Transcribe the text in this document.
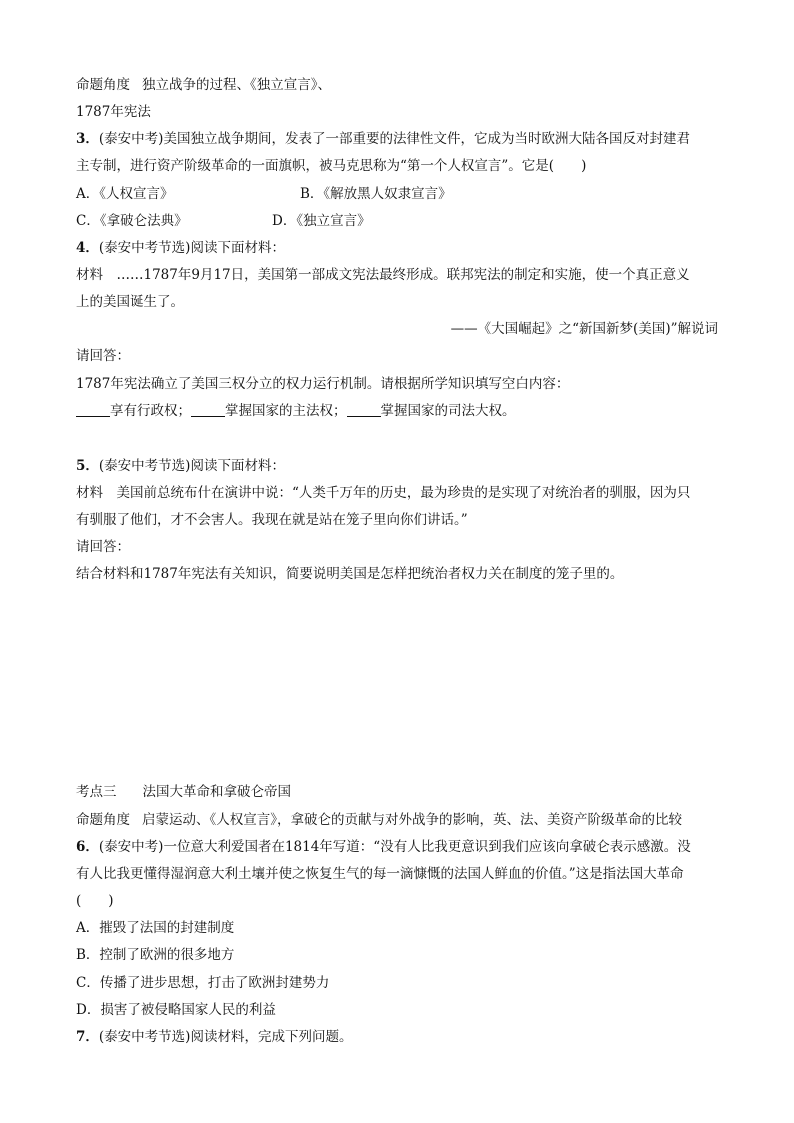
命题角度 独立战争的过程、《独立宣言》、
1787年宪法
3．(泰安中考)美国独立战争期间，发表了一部重要的法律性文件，它成为当时欧洲大陆各国反对封建君
主专制，进行资产阶级革命的一面旗帜，被马克思称为“第一个人权宣言”。它是(　　)
A．《人权宣言》	B．《解放黑人奴隶宣言》
C．《拿破仑法典》	D．《独立宣言》
4．(泰安中考节选)阅读下面材料：
材料　……1787年9月17日，美国第一部成文宪法最终形成。联邦宪法的制定和实施，使一个真正意义
上的美国诞生了。
——《大国崛起》之“新国新梦(美国)”解说词
请回答：
1787年宪法确立了美国三权分立的权力运行机制。请根据所学知识填写空白内容：
享有行政权；	掌握国家的主法权；	掌握国家的司法大权。
5．(泰安中考节选)阅读下面材料：
材料　美国前总统布什在演讲中说：“人类千万年的历史，最为珍贵的是实现了对统治者的驯服，因为只
有驯服了他们，才不会害人。我现在就是站在笼子里向你们讲话。”
请回答：
结合材料和1787年宪法有关知识，简要说明美国是怎样把统治者权力关在制度的笼子里的。
考点三 法国大革命和拿破仑帝国
命题角度 启蒙运动、《人权宣言》，拿破仑的贡献与对外战争的影响，英、法、美资产阶级革命的比较
6．(泰安中考)一位意大利爱国者在1814年写道：“没有人比我更意识到我们应该向拿破仑表示感激。没
有人比我更懂得湿润意大利土壤并使之恢复生气的每一滴慷慨的法国人鲜血的价值。”这是指法国大革命
(　　)
A．摧毁了法国的封建制度
B．控制了欧洲的很多地方
C．传播了进步思想，打击了欧洲封建势力
D．损害了被侵略国家人民的利益
7．(泰安中考节选)阅读材料，完成下列问题。
